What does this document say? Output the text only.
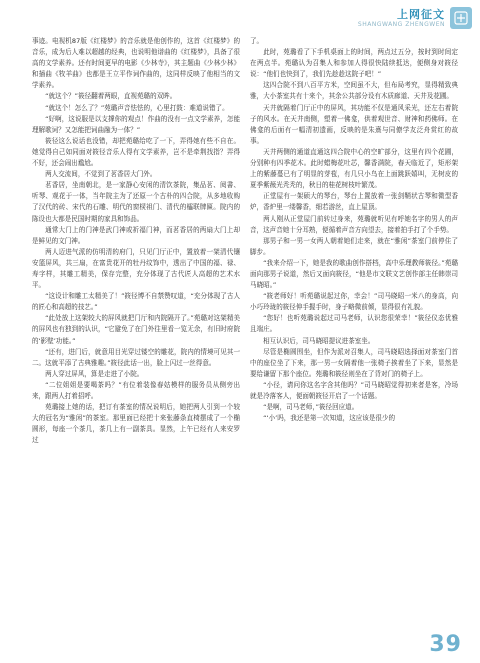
上网征文
SHANGWANG ZHENGWEN

事迹。电视机87版《红楼梦》的音乐就是他创作的，这首《红楼梦》的音乐，成为后人难以超越的经典，也说明他谱曲的《红楼梦》，具备了很高的文学素养。还有时间更早的电影《少林寺》，其主题曲《少林少林》和插曲《牧羊曲》也都是王立平作词作曲的，这同样反映了他相当的文学素养。

“就这个？”筱径翻着两眼，直视苑璐的双眸。

“就这个！怎么了？”苑璐声音怯怯的，心里打鼓：难道说错了。

“好啊，这说服是以支撑你的观点！作曲的没有一点文学素养，怎能理解歌词？又怎能把词曲融为一体？”

筱径这么说话也没错，却把苑璐给吃了一下，弄得她有些不自在。她觉得自己如同面对筱径音乐人得有文学素养，岂不是牵荆找指？弄得不好，还会闹出尴尬。

两人交流间，不觉到了茗香居大门外。

茗香居，坐南朝北，是一家静心安闲的清饮茶院，集品茗、阅書、听琴、观花于一体，当年院主为了还原一个古朴的四合院，从多地收购了汉代的砖、宋代的石雕、明代的窗棂祖门、清代的櫺联牌匾。院内的陈设也大都是民国时期的家具和饰品。

通常大门上的门神是武门神或祈福门神，而茗香居的两扇大门上却是鲜见的文门神。

两人迈进气派的仿明清的府门，只见门厅正中，置放着一架清代镶安篮屏风，共三扇，在富贵花开的牡丹纹饰中，透出了中国的福、禄、寿字样，其雕工精美，保存完整，充分体现了古代匠人高超的艺术水平。

“这设计和雕工太精美了！”筱径博不自禁赞叹道，“充分体现了古人的匠心和高超的技艺。”

“此处放上这架较大的屏风就把门厅和内院隔开了。”苑璐对这架精美的屏风也有独到的认识，“它避免了在门外往里看一览无余，有旧时府院的‘影壁’功能。”

“还有，进门后，就意用目光穿过镂空的雕花，院内的情境可见其一二。这就平添了古典雅趣。”筱径此话一出，脸上闪过一丝得意。

两人穿过屏风，算是走进了小院。

“二位姐姐是要喝茶吗？”有位着装像春姑模样的服务员从侧旁出来，跟两人打着招呼。

苑璐接上她的话，把订有茶室的情况说明后，她把两人引到一个较大的冠名为“雅闲”的茶室。那里面已经把十来张藤条直椅摆成了一个椭圆形，每座一个茶几，茶几上有一副茶具。显然，上午已经有人来安罗过

了。

此时，苑璐看了下手机桌面上的时间，两点过五分，按时到时间定在两点半。苑璐认为召集人和参加人得很快陆续抵达，便侧身对筱径说：“他们也快到了，我们先趁趁这院子吧！”

这四合院不到八百平方米，空间虽不大，但布局考究，显得精致典雅，大小茶室共有十来个，其余公共部分设有木质廊道、天井及花圃。

天井就隔着门厅正中的屏风，其功能不仅是通风采光，还左右着院子的风水。在天井南侧，塑着一佛龛，供着观世音、财神和药佛师。在佛龛的后面有一幅清初遗画，反映的是朱熹与同僚学友泛舟赏红的故事。

天井两侧的通道直通这四合院中心的空旷部分，这里有四个花圃，分别种有四季花木。此时蜡梅花吐芯，馨香满院，春天临近了，矩形架上的紫藤蔓已有了明显的芽苞，有几只小鸟在上面跳跃嬉叫，无树皮的夏季紫薇光秃秃的，秋日的桂花树枝叶繁茂。

正堂屋有一架硕大的琴台，琴台上置放着一张剑鞘状古琴和微型香炉，香炉里一缕馨香，细若游丝，直上屋顶。

两人刚从正堂屋门前转过身来，苑璐就听见有呼她名字的男人的声音，这声音她十分耳熟，便循着声音方向望去，接着拍手打了个手势。

那男子和一男一女两人朝着她们走来，就在“雅闲”茶室门前停住了脚步。

“我来介绍一下，她是我的歌曲创作搭档，高中乐理教师筱径。”苑璐面向那男子说道，然后又面向筱径，“他是市文联文艺创作部主任韩崇司马晓昭。”

“筱老师好！听苑璐说起过你，幸会！”司马晓昭一米八的身高，向小巧玲珑的筱径伸手握手时，身子略微前倾，显得很有礼貌。

“您好！也听苑璐说起过司马老师，认识您很荣幸！”筱径仪态优雅且端庄。

相互认识后，司马晓昭提议进茶室坐。

尽管是椭圆围坐，但作为派对召集人，司马晓昭选择面对茶室门首中的座位坐了下来，那一男一女隔着他一张椅子挨着坐了下来，显然是要给谦留下那个座位。苑璐和筱径则坐在了背对门的椅子上。

“小径，请问你这名字含其他吗？”司马晓昭觉得初来者是客，冷场就是冷落客人，便面朝筱径开启了一个话题。

“是啊，司马老师，”筱径回应道。

“‘小’吗，我还是第一次知道，这应该是很少的

39
